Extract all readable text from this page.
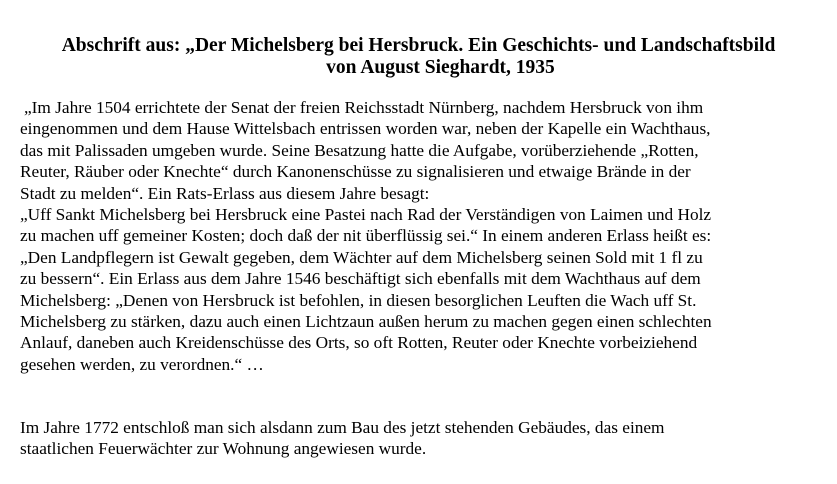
Abschrift aus: „Der Michelsberg bei Hersbruck. Ein Geschichts- und Landschaftsbild
von August Sieghardt, 1935
„Im Jahre 1504 errichtete der Senat der freien Reichsstadt Nürnberg, nachdem Hersbruck von ihm
eingenommen und dem Hause Wittelsbach entrissen worden war, neben der Kapelle ein Wachthaus,
das mit Palissaden umgeben wurde. Seine Besatzung hatte die Aufgabe, vorüberziehende „Rotten,
Reuter, Räuber oder Knechte“ durch Kanonenschüsse zu signalisieren und etwaige Brände in der
Stadt zu melden“. Ein Rats-Erlass aus diesem Jahre besagt:
„Uff Sankt Michelsberg bei Hersbruck eine Pastei nach Rad der Verständigen von Laimen und Holz
zu machen uff gemeiner Kosten; doch daß der nit überflüssig sei.“ In einem anderen Erlass heißt es:
„Den Landpflegern ist Gewalt gegeben, dem Wächter auf dem Michelsberg seinen Sold mit 1 fl zu
zu bessern“. Ein Erlass aus dem Jahre 1546 beschäftigt sich ebenfalls mit dem Wachthaus auf dem
Michelsberg: „Denen von Hersbruck ist befohlen, in diesen besorglichen Leuften die Wach uff St.
Michelsberg zu stärken, dazu auch einen Lichtzaun außen herum zu machen gegen einen schlechten
Anlauf, daneben auch Kreidenschüsse des Orts, so oft Rotten, Reuter oder Knechte vorbeiziehend
gesehen werden, zu verordnen.“ …
Im Jahre 1772 entschloß man sich alsdann zum Bau des jetzt stehenden Gebäudes, das einem
staatlichen Feuerwächter zur Wohnung angewiesen wurde.
